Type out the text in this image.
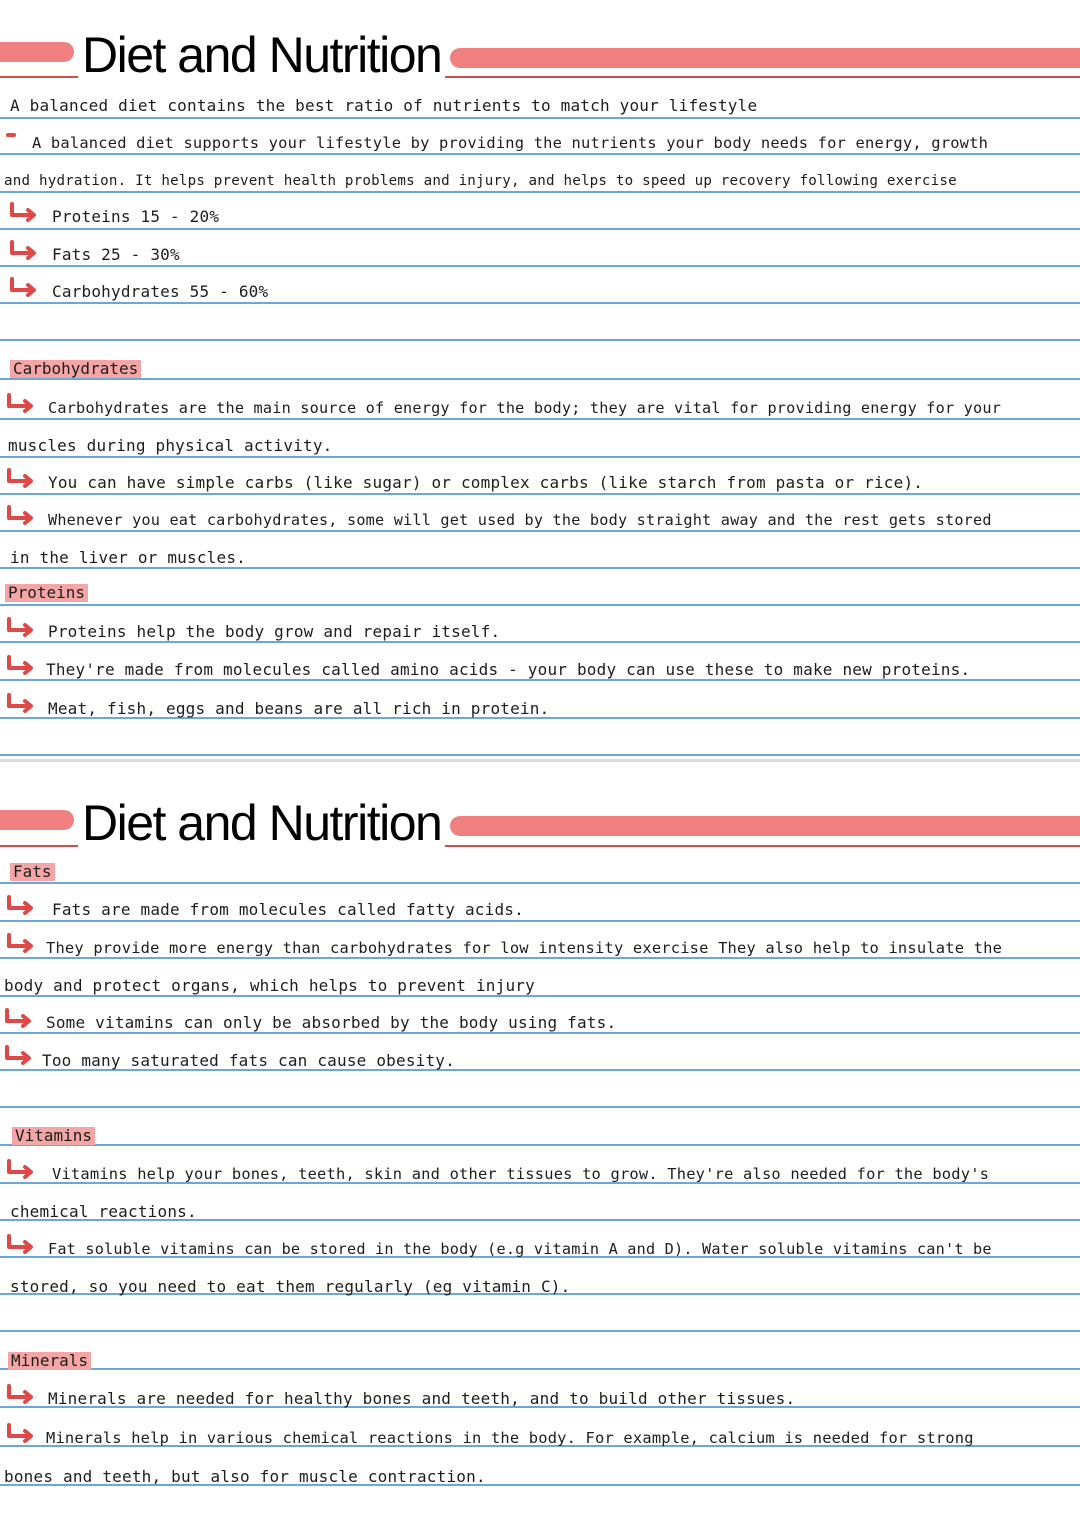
Diet and Nutrition

A balanced diet contains the best ratio of nutrients to match your lifestyle

A balanced diet supports your lifestyle by providing the nutrients your body needs for energy, growth

and hydration. It helps prevent health problems and injury, and helps to speed up recovery following exercise

Proteins 15 - 20%

Fats 25 - 30%

Carbohydrates 55 - 60%

Carbohydrates

Carbohydrates are the main source of energy for the body; they are vital for providing energy for your

muscles during physical activity.

You can have simple carbs (like sugar) or complex carbs (like starch from pasta or rice).

Whenever you eat carbohydrates, some will get used by the body straight away and the rest gets stored

in the liver or muscles.

Proteins

Proteins help the body grow and repair itself.

They're made from molecules called amino acids - your body can use these to make new proteins.

Meat, fish, eggs and beans are all rich in protein.

Diet and Nutrition

Fats

Fats are made from molecules called fatty acids.

They provide more energy than carbohydrates for low intensity exercise They also help to insulate the

body and protect organs, which helps to prevent injury

Some vitamins can only be absorbed by the body using fats.

Too many saturated fats can cause obesity.

Vitamins

Vitamins help your bones, teeth, skin and other tissues to grow. They're also needed for the body's

chemical reactions.

Fat soluble vitamins can be stored in the body (e.g vitamin A and D). Water soluble vitamins can't be

stored, so you need to eat them regularly (eg vitamin C).

Minerals

Minerals are needed for healthy bones and teeth, and to build other tissues.

Minerals help in various chemical reactions in the body. For example, calcium is needed for strong

bones and teeth, but also for muscle contraction.
